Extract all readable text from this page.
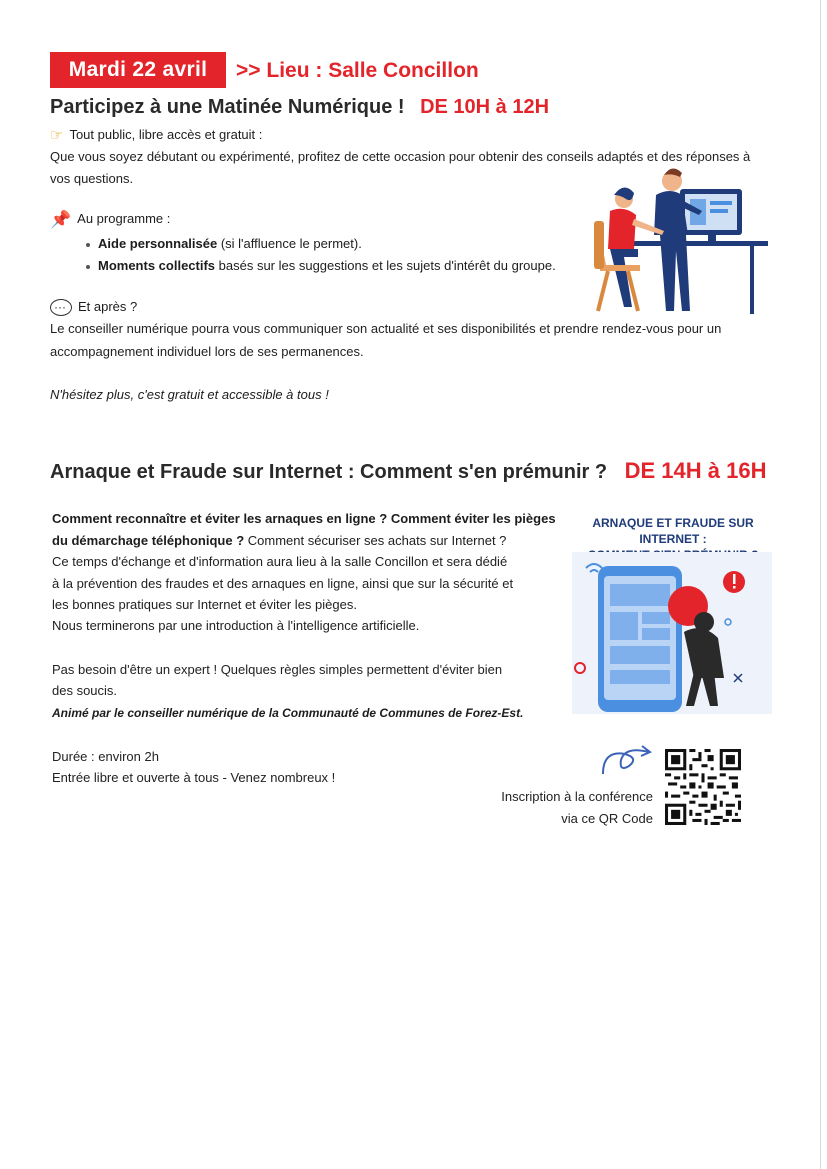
Mardi 22 avril	>> Lieu : Salle Concillon
Participez à une Matinée Numérique ! DE 10H à 12H
☞ Tout public, libre accès et gratuit :
Que vous soyez débutant ou expérimenté, profitez de cette occasion pour obtenir des conseils adaptés et des réponses à
vos questions.
📌 Au programme :
Aide personnalisée (si l'affluence le permet).
Moments collectifs basés sur les suggestions et les sujets d'intérêt du groupe.
···Et après ?
Le conseiller numérique pourra vous communiquer son actualité et ses disponibilités et prendre rendez-vous pour un
accompagnement individuel lors de ses permanences.
N'hésitez plus, c'est gratuit et accessible à tous !
Arnaque et Fraude sur Internet : Comment s'en prémunir ? DE 14H à 16H
Comment reconnaître et éviter les arnaques en ligne ? Comment éviter les pièges
du démarchage téléphonique ? Comment sécuriser ses achats sur Internet ?
Ce temps d'échange et d'information aura lieu à la salle Concillon et sera dédié
à la prévention des fraudes et des arnaques en ligne, ainsi que sur la sécurité et
les bonnes pratiques sur Internet et éviter les pièges.
Nous terminerons par une introduction à l'intelligence artificielle.
Pas besoin d'être un expert ! Quelques règles simples permettent d'éviter bien
des soucis.
Animé par le conseiller numérique de la Communauté de Communes de Forez-Est.
Durée : environ 2h
Entrée libre et ouverte à tous - Venez nombreux !
ARNAQUE ET FRAUDE SUR INTERNET :
Inscription à la conférence
via ce QR Code
